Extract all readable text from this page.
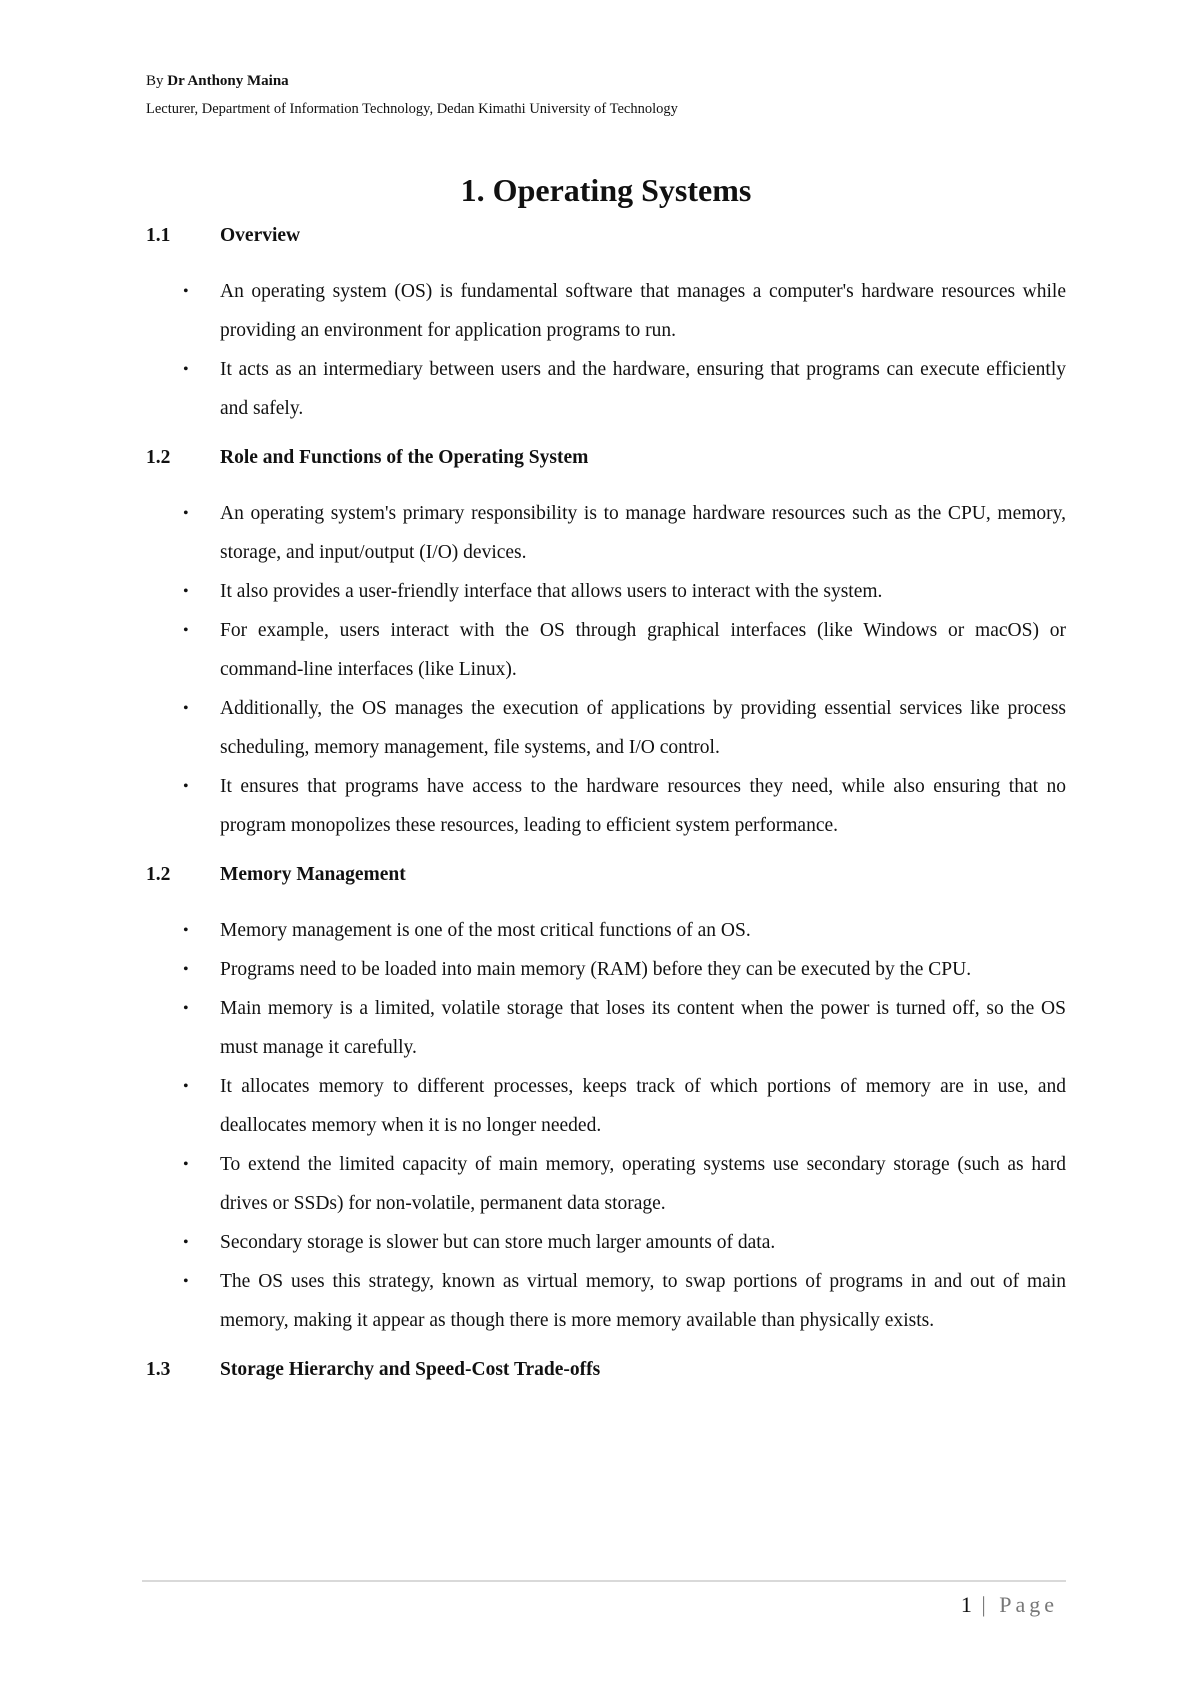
By Dr Anthony Maina

Lecturer, Department of Information Technology, Dedan Kimathi University of Technology

1. Operating Systems
1.1	Overview
• An operating system (OS) is fundamental software that manages a computer's hardware resources while providing an environment for application programs to run.
• It acts as an intermediary between users and the hardware, ensuring that programs can execute efficiently and safely.
1.2	Role and Functions of the Operating System
• An operating system's primary responsibility is to manage hardware resources such as the CPU, memory, storage, and input/output (I/O) devices.
• It also provides a user-friendly interface that allows users to interact with the system.
• For example, users interact with the OS through graphical interfaces (like Windows or macOS) or command-line interfaces (like Linux).
• Additionally, the OS manages the execution of applications by providing essential services like process scheduling, memory management, file systems, and I/O control.
• It ensures that programs have access to the hardware resources they need, while also ensuring that no program monopolizes these resources, leading to efficient system performance.
1.2	Memory Management
• Memory management is one of the most critical functions of an OS.
• Programs need to be loaded into main memory (RAM) before they can be executed by the CPU.
• Main memory is a limited, volatile storage that loses its content when the power is turned off, so the OS must manage it carefully.
• It allocates memory to different processes, keeps track of which portions of memory are in use, and deallocates memory when it is no longer needed.
• To extend the limited capacity of main memory, operating systems use secondary storage (such as hard drives or SSDs) for non-volatile, permanent data storage.
• Secondary storage is slower but can store much larger amounts of data.
• The OS uses this strategy, known as virtual memory, to swap portions of programs in and out of main memory, making it appear as though there is more memory available than physically exists.
1.3	Storage Hierarchy and Speed-Cost Trade-offs
1 | Page
